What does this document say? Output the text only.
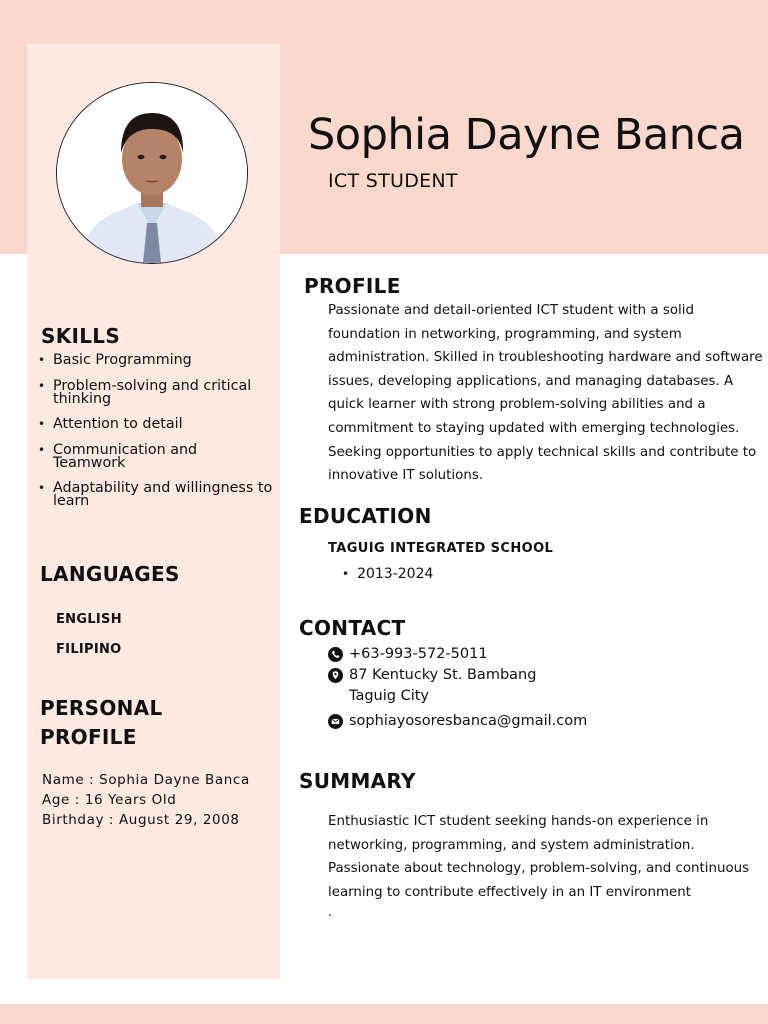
Sophia Dayne Banca
ICT STUDENT
SKILLS
• Basic Programming
• Problem-solving and critical
thinking
• Attention to detail
• Communication and
Teamwork
• Adaptability and willingness to
learn
LANGUAGES
ENGLISH
FILIPINO
PERSONAL
PROFILE
Name : Sophia Dayne Banca
Age : 16 Years Old
Birthday : August 29, 2008
PROFILE

Passionate and detail-oriented ICT student with a solid foundation in networking, programming, and system administration. Skilled in troubleshooting hardware and software issues, developing applications, and managing databases. A quick learner with strong problem-solving abilities and a commitment to staying updated with emerging technologies. Seeking opportunities to apply technical skills and contribute to innovative IT solutions.

EDUCATION
TAGUIG INTEGRATED SCHOOL
• 2013-2024
CONTACT
+63-993-572-5011
87 Kentucky St. Bambang
Taguig City
sophiayosoresbanca@gmail.com
SUMMARY

Enthusiastic ICT student seeking hands-on experience in networking, programming, and system administration. Passionate about technology, problem-solving, and continuous learning to contribute effectively in an IT environment

.
